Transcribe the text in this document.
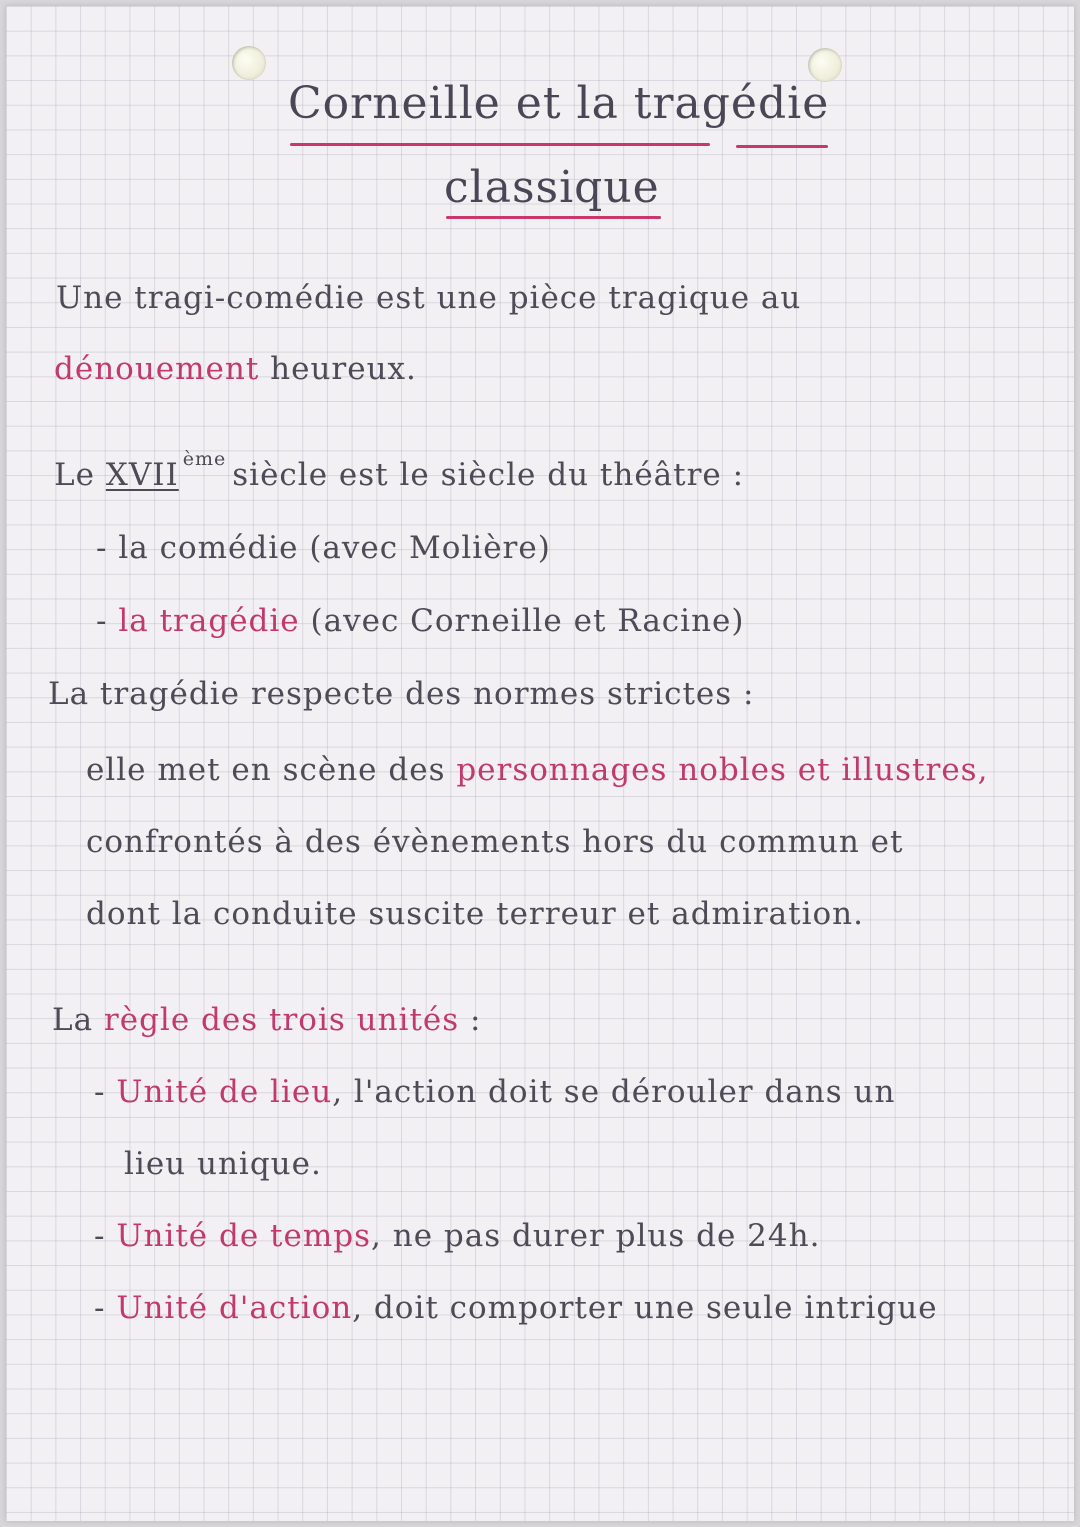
Corneille et la tragédie

classique

Une tragi-comédie est une pièce tragique au

dénouement heureux.

Le XVII $^{ème}$ siècle est le siècle du théâtre :

- la comédie (avec Molière)

- la tragédie (avec Corneille et Racine)

La tragédie respecte des normes strictes :

elle met en scène des personnages nobles et illustres,

confrontés à des évènements hors du commun et

dont la conduite suscite terreur et admiration.

La règle des trois unités :

- Unité de lieu, l'action doit se dérouler dans un

lieu unique.

- Unité de temps, ne pas durer plus de 24h.

- Unité d'action, doit comporter une seule intrigue
